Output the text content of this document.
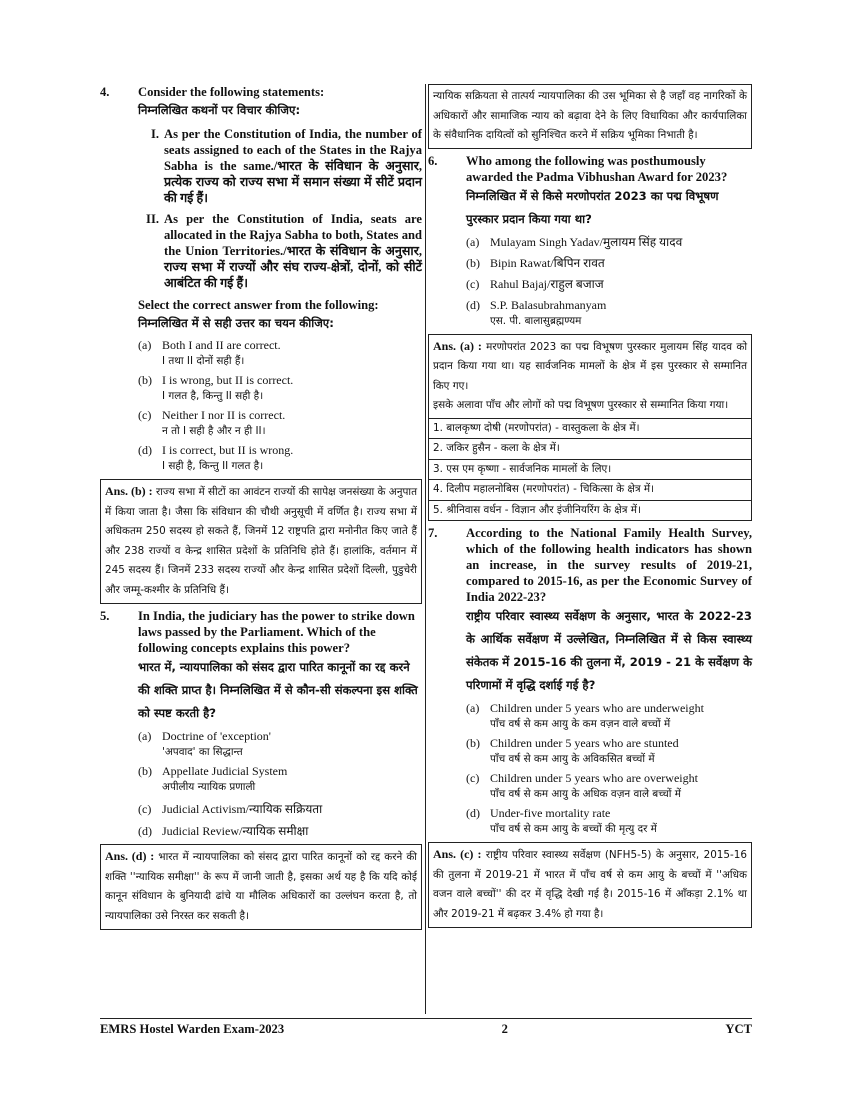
4.	Consider the following statements:
निम्नलिखित कथनों पर विचार कीजिए:
I. As per the Constitution of India, the number of seats assigned to each of the States in the Rajya Sabha is the same./भारत के संविधान के अनुसार, प्रत्येक राज्य को राज्य सभा में समान संख्या में सीटें प्रदान की गई हैं।
II. As per the Constitution of India, seats are allocated in the Rajya Sabha to both, States and the Union Territories./भारत के संविधान के अनुसार, राज्य सभा में राज्यों और संघ राज्य-क्षेत्रों, दोनों, को सीटें आबंटित की गई हैं।
Select the correct answer from the following:
निम्नलिखित में से सही उत्तर का चयन कीजिए:
(a) Both I and II are correct.
I तथा II दोनों सही हैं।
(b) I is wrong, but II is correct.
I गलत है, किन्तु II सही है।
(c) Neither I nor II is correct.
न तो I सही है और न ही II।
(d) I is correct, but II is wrong.
I सही है, किन्तु II गलत है।
Ans. (b) : राज्य सभा में सीटों का आवंटन राज्यों की सापेक्ष जनसंख्या के अनुपात में किया जाता है। जैसा कि संविधान की चौथी अनुसूची में वर्णित है। राज्य सभा में अधिकतम 250 सदस्य हो सकते हैं, जिनमें 12 राष्ट्रपति द्वारा मनोनीत किए जाते हैं और 238 राज्यों व केन्द्र शासित प्रदेशों के प्रतिनिधि होते हैं। हालांकि, वर्तमान में 245 सदस्य हैं। जिनमें 233 सदस्य राज्यों और केन्द्र शासित प्रदेशों दिल्ली, पुडुचेरी और जम्मू-कश्मीर के प्रतिनिधि हैं।
5.	In India, the judiciary has the power to strike down laws passed by the Parliament. Which of the following concepts explains this power?
भारत में, न्यायपालिका को संसद द्वारा पारित कानूनों का रद्द करने की शक्ति प्राप्त है। निम्नलिखित में से कौन-सी संकल्पना इस शक्ति को स्पष्ट करती है?
(a) Doctrine of 'exception'
'अपवाद' का सिद्धान्त
(b) Appellate Judicial System
अपीलीय न्यायिक प्रणाली
(c) Judicial Activism/न्यायिक सक्रियता
(d) Judicial Review/न्यायिक समीक्षा
Ans. (d) : भारत में न्यायपालिका को संसद द्वारा पारित कानूनों को रद्द करने की शक्ति ''न्यायिक समीक्षा'' के रूप में जानी जाती है, इसका अर्थ यह है कि यदि कोई कानून संविधान के बुनियादी ढांचे या मौलिक अधिकारों का उल्लंघन करता है, तो न्यायपालिका उसे निरस्त कर सकती है।
न्यायिक सक्रियता से तात्पर्य न्यायपालिका की उस भूमिका से है जहाँ वह नागरिकों के अधिकारों और सामाजिक न्याय को बढ़ावा देने के लिए विधायिका और कार्यपालिका के संवैधानिक दायित्वों को सुनिश्चित करने में सक्रिय भूमिका निभाती है।
6.	Who among the following was posthumously awarded the Padma Vibhushan Award for 2023?
निम्नलिखित में से किसे मरणोपरांत 2023 का पद्म विभूषण पुरस्कार प्रदान किया गया था?
(a) Mulayam Singh Yadav/मुलायम सिंह यादव
(b) Bipin Rawat/बिपिन रावत
(c) Rahul Bajaj/राहुल बजाज
(d) S.P. Balasubrahmanyam
एस. पी. बालासुब्रह्मण्यम
Ans. (a) : मरणोपरांत 2023 का पद्म विभूषण पुरस्कार मुलायम सिंह यादव को प्रदान किया गया था। यह सार्वजनिक मामलों के क्षेत्र में इस पुरस्कार से सम्मानित किए गए।
इसके अलावा पाँच और लोगों को पद्म विभूषण पुरस्कार से सम्मानित किया गया।
1. बालकृष्ण दोषी (मरणोपरांत) - वास्तुकला के क्षेत्र में।
2. जकिर हुसैन - कला के क्षेत्र में।
3. एस एम कृष्णा - सार्वजनिक मामलों के लिए।
4. दिलीप महालनोबिस (मरणोपरांत) - चिकित्सा के क्षेत्र में।
5. श्रीनिवास वर्धन - विज्ञान और इंजीनियरिंग के क्षेत्र में।
7.	According to the National Family Health Survey, which of the following health indicators has shown an increase, in the survey results of 2019-21, compared to 2015-16, as per the Economic Survey of India 2022-23?
राष्ट्रीय परिवार स्वास्थ्य सर्वेक्षण के अनुसार, भारत के 2022-23 के आर्थिक सर्वेक्षण में उल्लेखित, निम्नलिखित में से किस स्वास्थ्य संकेतक में 2015-16 की तुलना में, 2019 - 21 के सर्वेक्षण के परिणामों में वृद्धि दर्शाई गई है?
(a) Children under 5 years who are underweight
पाँच वर्ष से कम आयु के कम वज़न वाले बच्चों में
(b) Children under 5 years who are stunted
पाँच वर्ष से कम आयु के अविकसित बच्चों में
(c) Children under 5 years who are overweight
पाँच वर्ष से कम आयु के अधिक वज़न वाले बच्चों में
(d) Under-five mortality rate
पाँच वर्ष से कम आयु के बच्चों की मृत्यु दर में
Ans. (c) : राष्ट्रीय परिवार स्वास्थ्य सर्वेक्षण (NFH5-5) के अनुसार, 2015-16 की तुलना में 2019-21 में भारत में पाँच वर्ष से कम आयु के बच्चों में ''अधिक वजन वाले बच्चों'' की दर में वृद्धि देखी गई है। 2015-16 में आँकड़ा 2.1% था और 2019-21 में बढ़कर 3.4% हो गया है।
EMRS Hostel Warden Exam-2023	2	YCT
